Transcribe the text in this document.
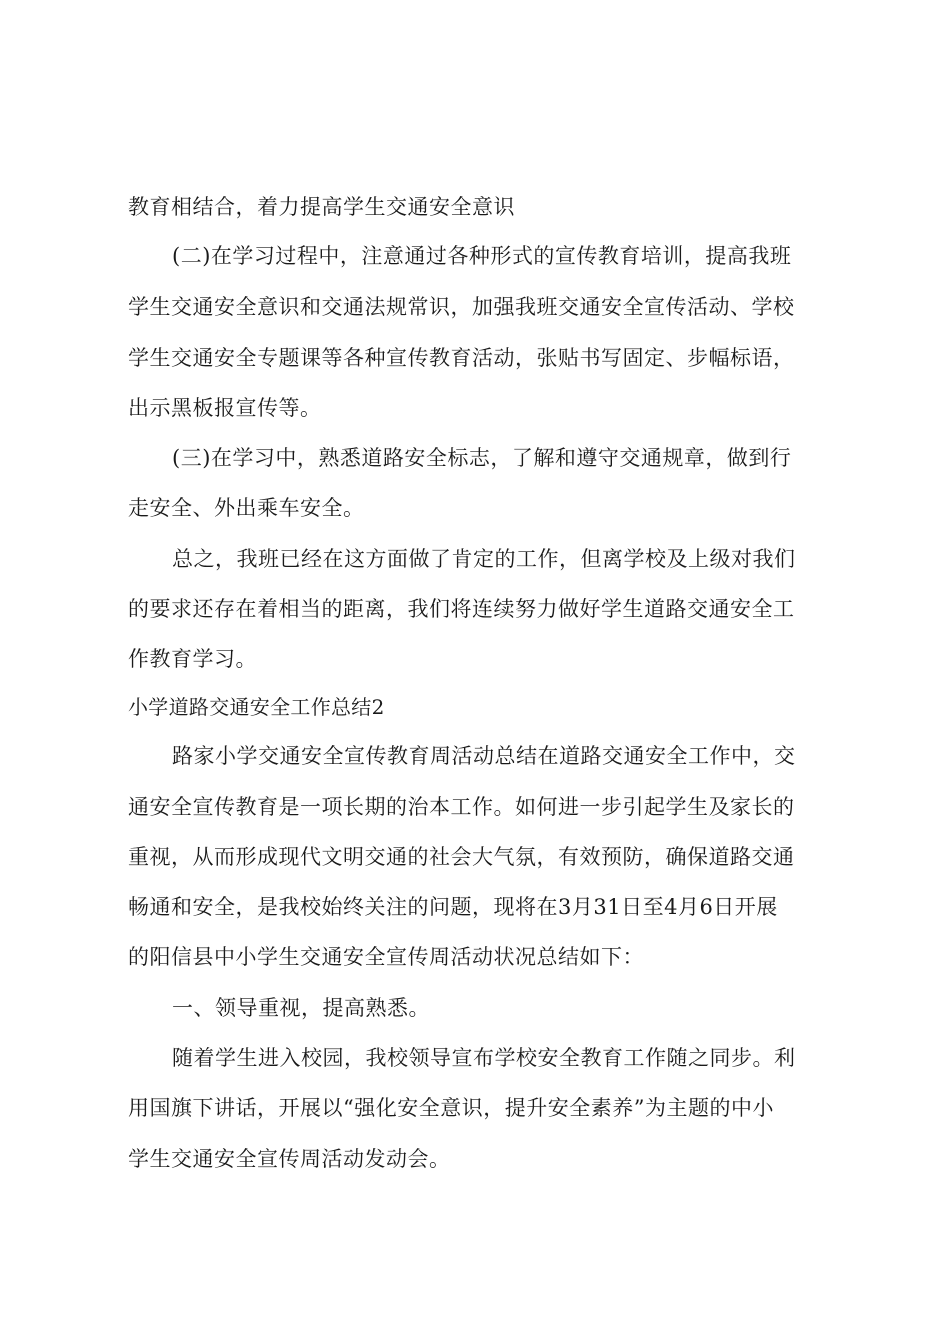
教育相结合，着力提高学生交通安全意识
(二)在学习过程中，注意通过各种形式的宣传教育培训，提高我班
学生交通安全意识和交通法规常识，加强我班交通安全宣传活动、学校
学生交通安全专题课等各种宣传教育活动，张贴书写固定、步幅标语，
出示黑板报宣传等。
(三)在学习中，熟悉道路安全标志，了解和遵守交通规章，做到行
走安全、外出乘车安全。
总之，我班已经在这方面做了肯定的工作，但离学校及上级对我们
的要求还存在着相当的距离，我们将连续努力做好学生道路交通安全工
作教育学习。
小学道路交通安全工作总结2
路家小学交通安全宣传教育周活动总结在道路交通安全工作中，交
通安全宣传教育是一项长期的治本工作。如何进一步引起学生及家长的
重视，从而形成现代文明交通的社会大气氛，有效预防，确保道路交通
畅通和安全，是我校始终关注的问题，现将在3月31日至4月6日开展
的阳信县中小学生交通安全宣传周活动状况总结如下：
一、领导重视，提高熟悉。
随着学生进入校园，我校领导宣布学校安全教育工作随之同步。利
用国旗下讲话，开展以“强化安全意识，提升安全素养”为主题的中小
学生交通安全宣传周活动发动会。
